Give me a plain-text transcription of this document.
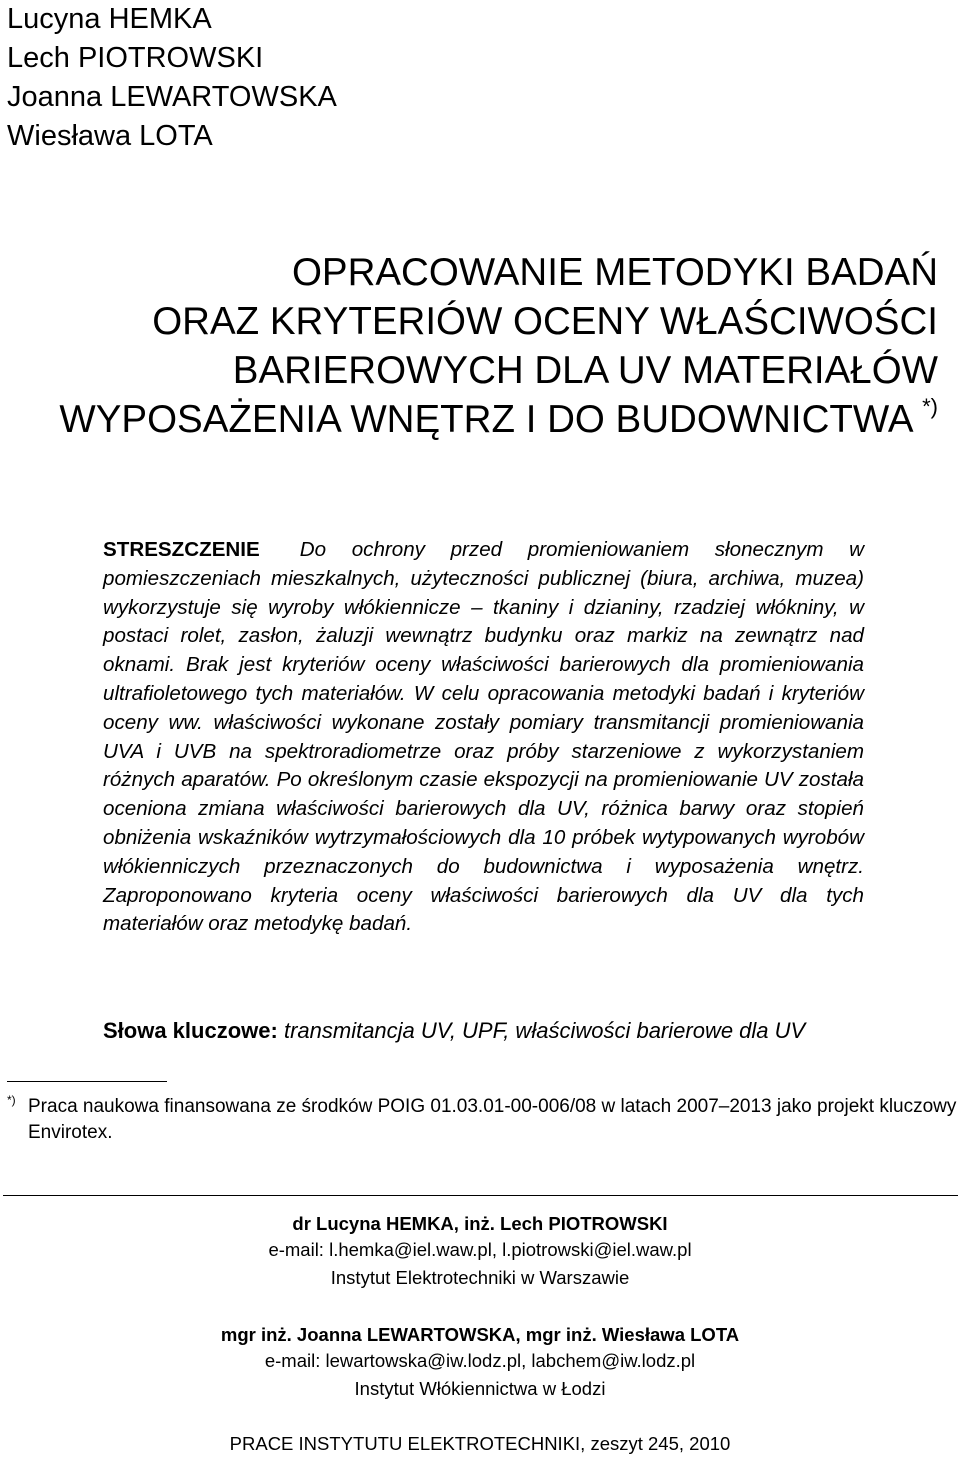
Lucyna HEMKA
Lech PIOTROWSKI
Joanna LEWARTOWSKA
Wiesława LOTA
OPRACOWANIE METODYKI BADAŃ
ORAZ KRYTERIÓW OCENY WŁAŚCIWOŚCI
BARIEROWYCH DLA UV MATERIAŁÓW
WYPOSAŻENIA WNĘTRZ I DO BUDOWNICTWA *)
STRESZCZENIE Do ochrony przed promieniowaniem słonecznym w pomieszczeniach mieszkalnych, użyteczności publicznej (biura, archiwa, muzea) wykorzystuje się wyroby włókiennicze – tkaniny i dzianiny, rzadziej włókniny, w postaci rolet, zasłon, żaluzji wewnątrz budynku oraz markiz na zewnątrz nad oknami. Brak jest kryteriów oceny właściwości barierowych dla promieniowania ultrafioletowego tych materiałów. W celu opracowania metodyki badań i kryteriów oceny ww. właściwości wykonane zostały pomiary transmitancji promieniowania UVA i UVB na spektroradiometrze oraz próby starzeniowe z wykorzystaniem różnych aparatów. Po określonym czasie ekspozycji na promieniowanie UV została oceniona zmiana właściwości barierowych dla UV, różnica barwy oraz stopień obniżenia wskaźników wytrzymałościowych dla 10 próbek wytypowanych wyrobów włókienniczych przeznaczonych do budownictwa i wyposażenia wnętrz. Zaproponowano kryteria oceny właściwości barierowych dla UV dla tych materiałów oraz metodykę badań.
Słowa kluczowe: transmitancja UV, UPF, właściwości barierowe dla UV
*) Praca naukowa finansowana ze środków POIG 01.03.01-00-006/08 w latach 2007–2013 jako projekt kluczowy Envirotex.
dr Lucyna HEMKA, inż. Lech PIOTROWSKI
e-mail: l.hemka@iel.waw.pl, l.piotrowski@iel.waw.pl
Instytut Elektrotechniki w Warszawie
mgr inż. Joanna LEWARTOWSKA, mgr inż. Wiesława LOTA
e-mail: lewartowska@iw.lodz.pl, labchem@iw.lodz.pl
Instytut Włókiennictwa w Łodzi
PRACE INSTYTUTU ELEKTROTECHNIKI, zeszyt 245, 2010
